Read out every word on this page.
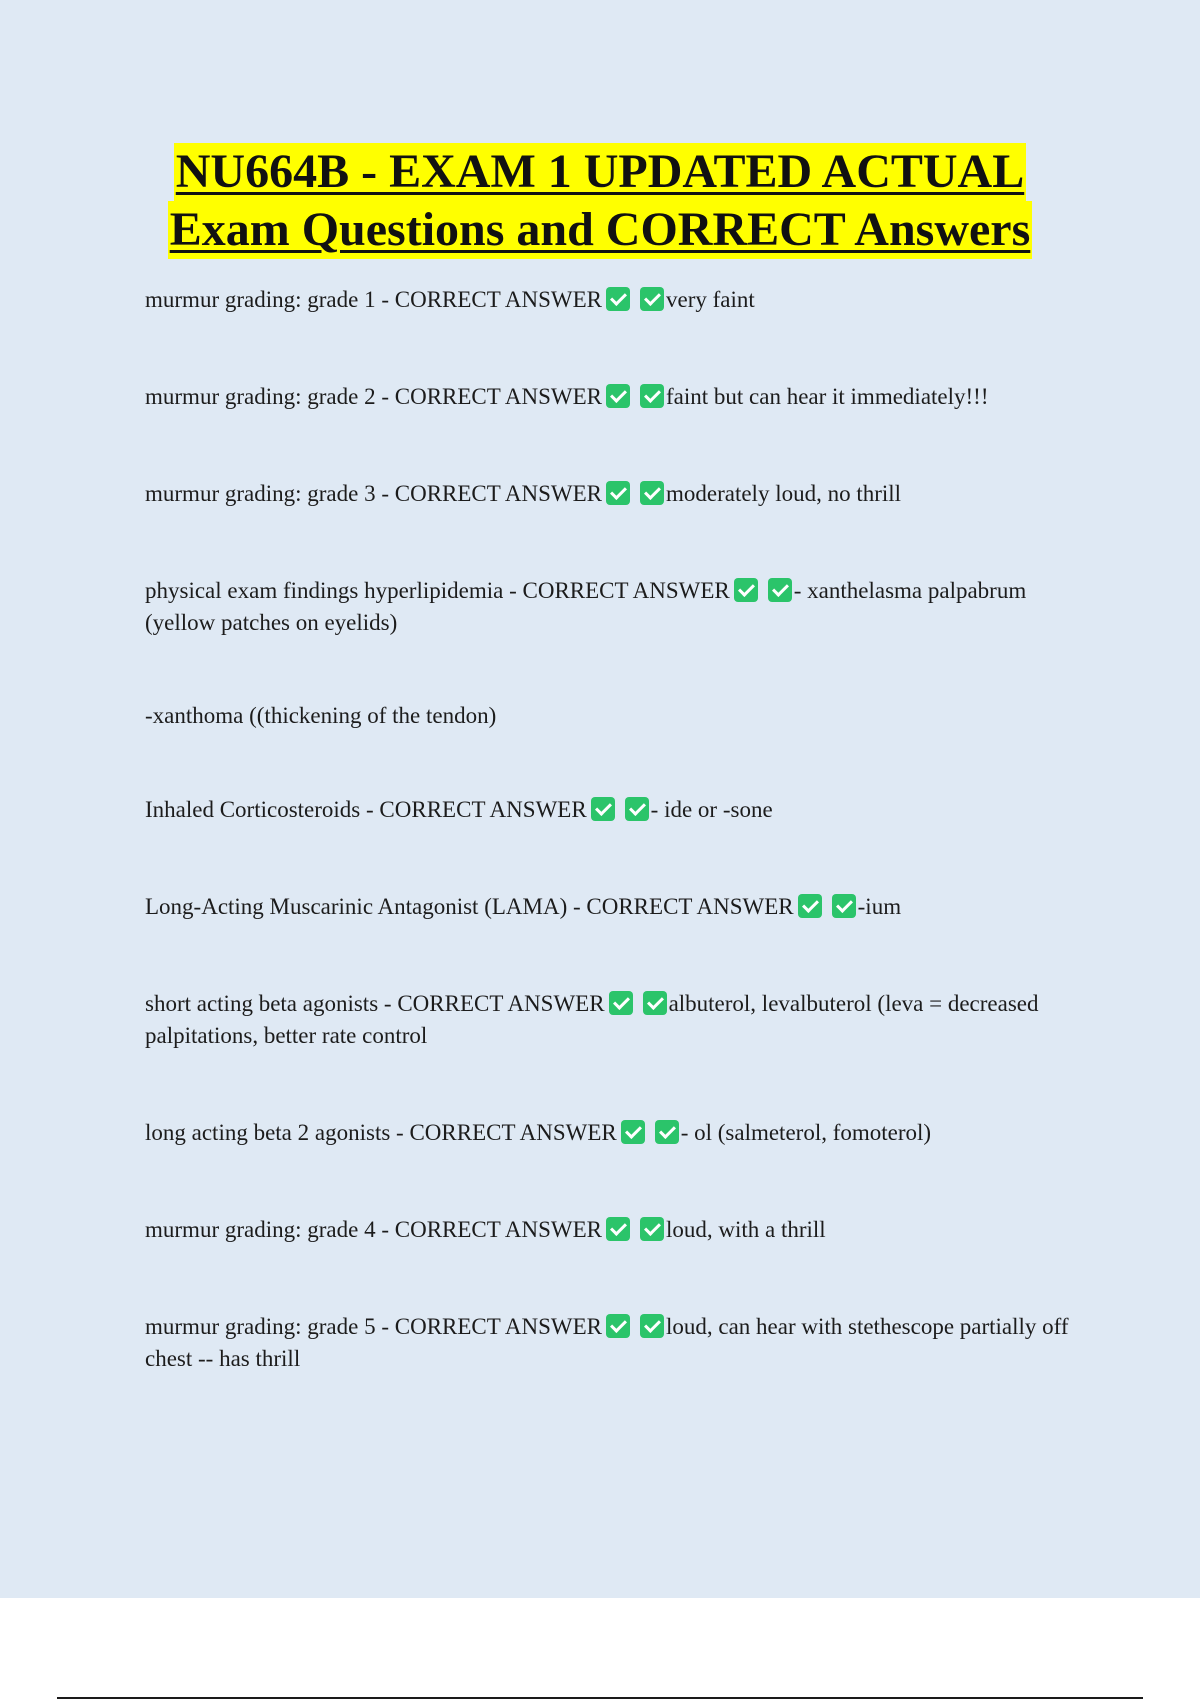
NU664B - EXAM 1 UPDATED ACTUAL
Exam Questions and CORRECT Answers
murmur grading: grade 1 - CORRECT ANSWER	very faint
murmur grading: grade 2 - CORRECT ANSWER	faint but can hear it immediately!!!
murmur grading: grade 3 - CORRECT ANSWER	moderately loud, no thrill
physical exam findings hyperlipidemia - CORRECT ANSWER	- xanthelasma palpabrum (yellow patches on eyelids)
-xanthoma ((thickening of the tendon)
Inhaled Corticosteroids - CORRECT ANSWER	- ide or -sone
Long-Acting Muscarinic Antagonist (LAMA) - CORRECT ANSWER	-ium
short acting beta agonists - CORRECT ANSWER	albuterol, levalbuterol (leva = decreased palpitations, better rate control
long acting beta 2 agonists - CORRECT ANSWER	- ol (salmeterol, fomoterol)
murmur grading: grade 4 - CORRECT ANSWER	loud, with a thrill
murmur grading: grade 5 - CORRECT ANSWER	loud, can hear with stethescope partially off chest -- has thrill
